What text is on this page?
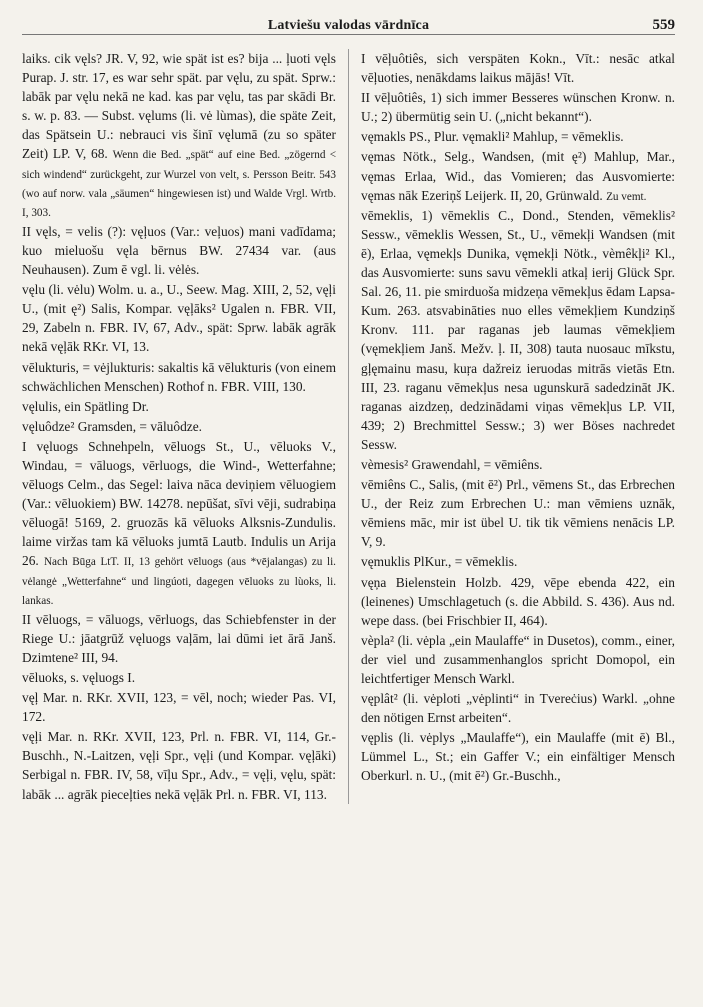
Latviešu valodas vārdnīca	559

laiks. cik vęls? JR. V, 92, wie spät ist es? bija ... ļuoti vęls Purap. J. str. 17, es war sehr spät. par vęlu, zu spät. Sprw.: labāk par vęlu nekā ne kad. kas par vęlu, tas par skādi Br. s. w. p. 83. — Subst. vęlums (li. vė lùmas), die späte Zeit, das Spätsein U.: nebrauci vis šinī vęlumā (zu so später Zeit) LP. V, 68. Wenn die Bed. „spät“ auf eine Bed. „zögernd < sich windend“ zurückgeht, zur Wurzel von velt, s. Persson Beitr. 543 (wo auf norw. vala „säumen“ hingewiesen ist) und Walde Vrgl. Wrtb. I, 303.

II vęls, = velis (?): vęļuos (Var.: veļuos) mani vadīdama; kuo mieluošu vęla bērnus BW. 27434 var. (aus Neuhausen). Zum ē vgl. li. vėlės.

vęlu (li. vėlu) Wolm. u. a., U., Seew. Mag. XIII, 2, 52, vęļi U., (mit ę²) Salis, Kompar. vęļāks² Ugalen n. FBR. VII, 29, Zabeln n. FBR. IV, 67, Adv., spät: Sprw. labāk agrāk nekā vęļāk RKr. VI, 13.

vēlukturis, = vėjlukturis: sakaltis kā vēlukturis (von einem schwächlichen Menschen) Rothof n. FBR. VIII, 130.

vęlulis, ein Spätling Dr.

vęluôdze² Gramsden, = vāluôdze.

I vęluogs Schnehpeln, vēluogs St., U., vēluoks V., Windau, = vāluogs, vērluogs, die Wind-, Wetterfahne; vēluogs Celm., das Segel: laiva nāca deviņiem vēluogiem (Var.: vēluokiem) BW. 14278. nepūšat, sīvi vēji, sudrabiņa vēluogā! 5169, 2. gruozās kā vēluoks Alksnis-Zundulis. laime viržas tam kā vēluoks jumtā Lautb. Indulis un Arija 26. Nach Būga LtT. II, 13 gehört vēluogs (aus *vējalangas) zu li. vėlangė „Wetterfahne“ und lingúoti, dagegen vēluoks zu lùoks, li. lankas.

II vēluogs, = vāluogs, vērluogs, das Schiebfenster in der Riege U.: jāatgrūž vęluogs vaļām, lai dūmi iet ārā Janš. Dzimtene² III, 94.

vēluoks, s. vęluogs I.

vęļ Mar. n. RKr. XVII, 123, = vēl, noch; wieder Pas. VI, 172.

vęļi Mar. n. RKr. XVII, 123, Prl. n. FBR. VI, 114, Gr.-Buschh., N.-Laitzen, vęļi Spr., vęļi (und Kompar. vęļāki) Serbigal n. FBR. IV, 58, vīļu Spr., Adv., = vęļi, vęlu, spät: labāk ... agrāk pieceļties nekā vęļāk Prl. n. FBR. VI, 113.

I vēļuôtiês, sich verspäten Kokn., Vīt.: nesāc atkal vēļuoties, nenākdams laikus mājās! Vīt.

II vēļuôtiês, 1) sich immer Besseres wünschen Kronw. n. U.; 2) übermütig sein U. („nicht bekannt“).

vęmakls PS., Plur. vęmakli² Mahlup, = vēmeklis.

vęmas Nötk., Selg., Wandsen, (mit ę²) Mahlup, Mar., vęmas Erlaa, Wid., das Vomieren; das Ausvomierte: vęmas nāk Ezeriņš Leijerk. II, 20, Grünwald. Zu vemt.

vēmeklis, 1) vēmeklis C., Dond., Stenden, vēmeklis² Sessw., vēmeklis Wessen, St., U., vēmekļi Wandsen (mit ē), Erlaa, vęmekļs Dunika, vęmekļi Nötk., vèmêkļi² Kl., das Ausvomierte: suns savu vēmekli atkaļ ierij Glück Spr. Sal. 26, 11. pie smirduoša midzeņa vēmekļus ēdam Lapsa-Kum. 263. atsvabināties nuo elles vēmekļiem Kundziņš Kronv. 111. par raganas jeb laumas vēmekļiem (vęmekļiem Janš. Mežv. ļ. II, 308) tauta nuosauc mīkstu, gļęmainu masu, kuŗa dažreiz ieruodas mitrās vietās Etn. III, 23. raganu vēmekļus nesa ugunskurā sadedzināt JK. raganas aizdzeņ, dedzinādami viņas vēmekļus LP. VII, 439; 2) Brechmittel Sessw.; 3) wer Böses nachredet Sessw.

vèmesis² Grawendahl, = vēmiêns.

vēmiêns C., Salis, (mit ē²) Prl., vēmens St., das Erbrechen U., der Reiz zum Erbrechen U.: man vēmiens uznāk, vēmiens māc, mir ist übel U. tik tik vēmiens nenācis LP. V, 9.

vęmuklis PlKur., = vēmeklis.

vęņa Bielenstein Holzb. 429, vēpe ebenda 422, ein (leinenes) Umschlagetuch (s. die Abbild. S. 436). Aus nd. wepe dass. (bei Frischbier II, 464).

vèpla² (li. vėpla „ein Maulaffe“ in Dusetos), comm., einer, der viel und zusammenhanglos spricht Domopol, ein leichtfertiger Mensch Warkl.

vęplât² (li. vėploti „vėplinti“ in Tvereċius) Warkl. „ohne den nötigen Ernst arbeiten“.

vęplis (li. vėplys „Maulaffe“), ein Maulaffe (mit ē) Bl., Lümmel L., St.; ein Gaffer V.; ein einfältiger Mensch Oberkurl. n. U., (mit ē²) Gr.-Buschh.,
